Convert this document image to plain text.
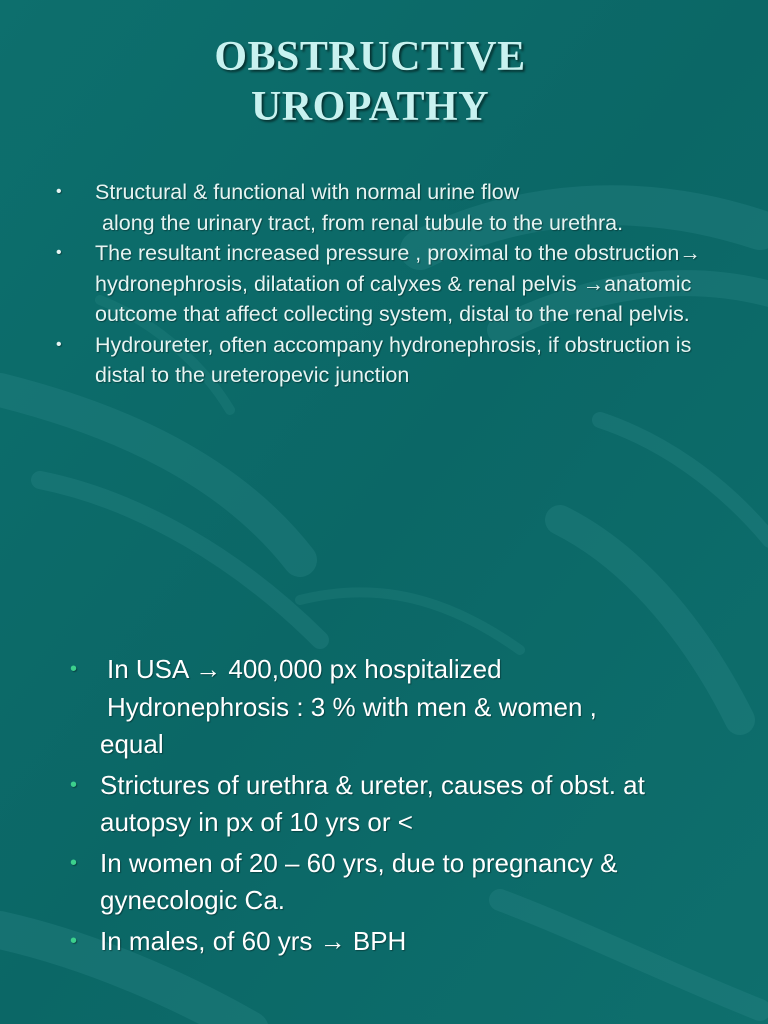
OBSTRUCTIVE
UROPATHY
• Structural & functional with normal urine flow
along the urinary tract, from renal tubule to the urethra.
• The resultant increased pressure , proximal to the obstruction→ hydronephrosis, dilatation of calyxes & renal pelvis →anatomic outcome that affect collecting system, distal to the renal pelvis.
• Hydroureter, often accompany hydronephrosis, if obstruction is distal to the ureteropevic junction
• In USA → 400,000 px hospitalized
Hydronephrosis : 3 % with men & women ,
equal
• Strictures of urethra & ureter, causes of obst. at autopsy in px of 10 yrs or <
• In women of 20 – 60 yrs, due to pregnancy & gynecologic Ca.
• In males, of 60 yrs → BPH
